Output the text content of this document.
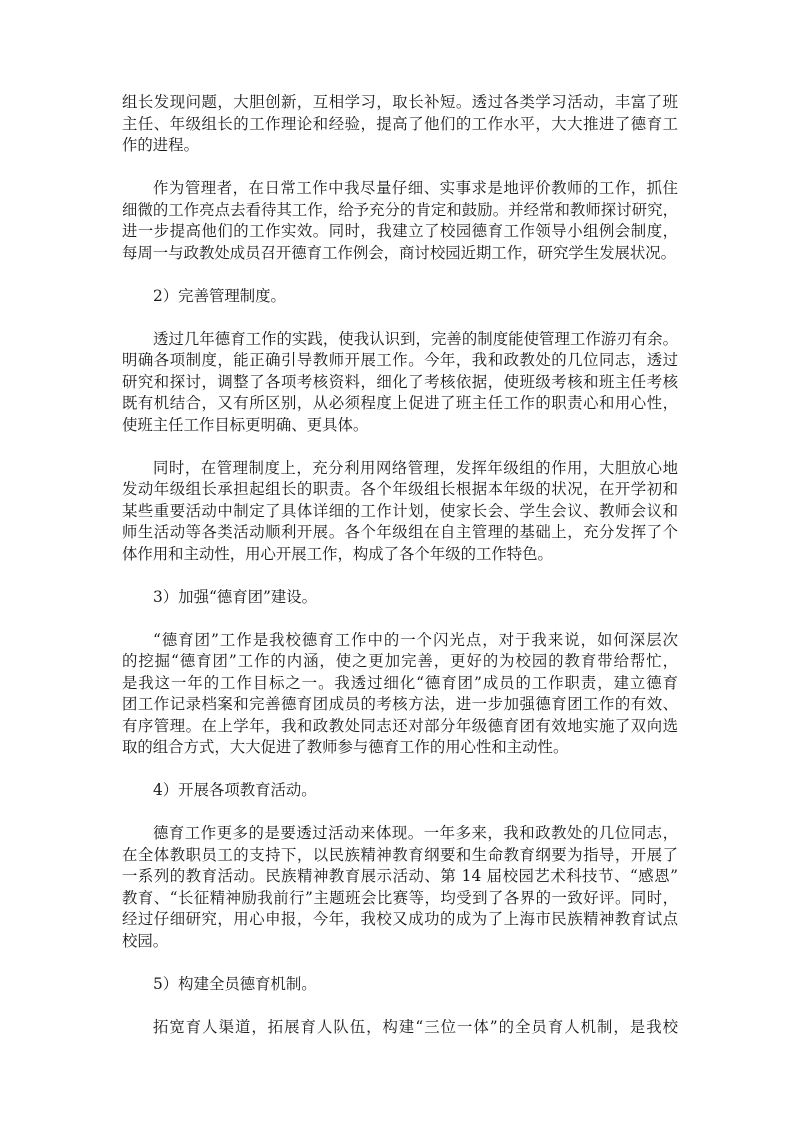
组长发现问题，大胆创新，互相学习，取长补短。透过各类学习活动，丰富了班
主任、年级组长的工作理论和经验，提高了他们的工作水平，大大推进了德育工
作的进程。
作为管理者，在日常工作中我尽量仔细、实事求是地评价教师的工作，抓住
细微的工作亮点去看待其工作，给予充分的肯定和鼓励。并经常和教师探讨研究，
进一步提高他们的工作实效。同时，我建立了校园德育工作领导小组例会制度，
每周一与政教处成员召开德育工作例会，商讨校园近期工作，研究学生发展状况。
2）完善管理制度。
透过几年德育工作的实践，使我认识到，完善的制度能使管理工作游刃有余。
明确各项制度，能正确引导教师开展工作。今年，我和政教处的几位同志，透过
研究和探讨，调整了各项考核资料，细化了考核依据，使班级考核和班主任考核
既有机结合，又有所区别，从必须程度上促进了班主任工作的职责心和用心性，
使班主任工作目标更明确、更具体。
同时，在管理制度上，充分利用网络管理，发挥年级组的作用，大胆放心地
发动年级组长承担起组长的职责。各个年级组长根据本年级的状况，在开学初和
某些重要活动中制定了具体详细的工作计划，使家长会、学生会议、教师会议和
师生活动等各类活动顺利开展。各个年级组在自主管理的基础上，充分发挥了个
体作用和主动性，用心开展工作，构成了各个年级的工作特色。
3）加强“德育团”建设。
“德育团”工作是我校德育工作中的一个闪光点，对于我来说，如何深层次
的挖掘“德育团”工作的内涵，使之更加完善，更好的为校园的教育带给帮忙，
是我这一年的工作目标之一。我透过细化“德育团”成员的工作职责，建立德育
团工作记录档案和完善德育团成员的考核方法，进一步加强德育团工作的有效、
有序管理。在上学年，我和政教处同志还对部分年级德育团有效地实施了双向选
取的组合方式，大大促进了教师参与德育工作的用心性和主动性。
4）开展各项教育活动。
德育工作更多的是要透过活动来体现。一年多来，我和政教处的几位同志，
在全体教职员工的支持下，以民族精神教育纲要和生命教育纲要为指导，开展了
一系列的教育活动。民族精神教育展示活动、第 14 届校园艺术科技节、“感恩”
教育、“长征精神励我前行”主题班会比赛等，均受到了各界的一致好评。同时，
经过仔细研究，用心申报，今年，我校又成功的成为了上海市民族精神教育试点
校园。
5）构建全员德育机制。
拓宽育人渠道，拓展育人队伍，构建“三位一体”的全员育人机制，是我校
